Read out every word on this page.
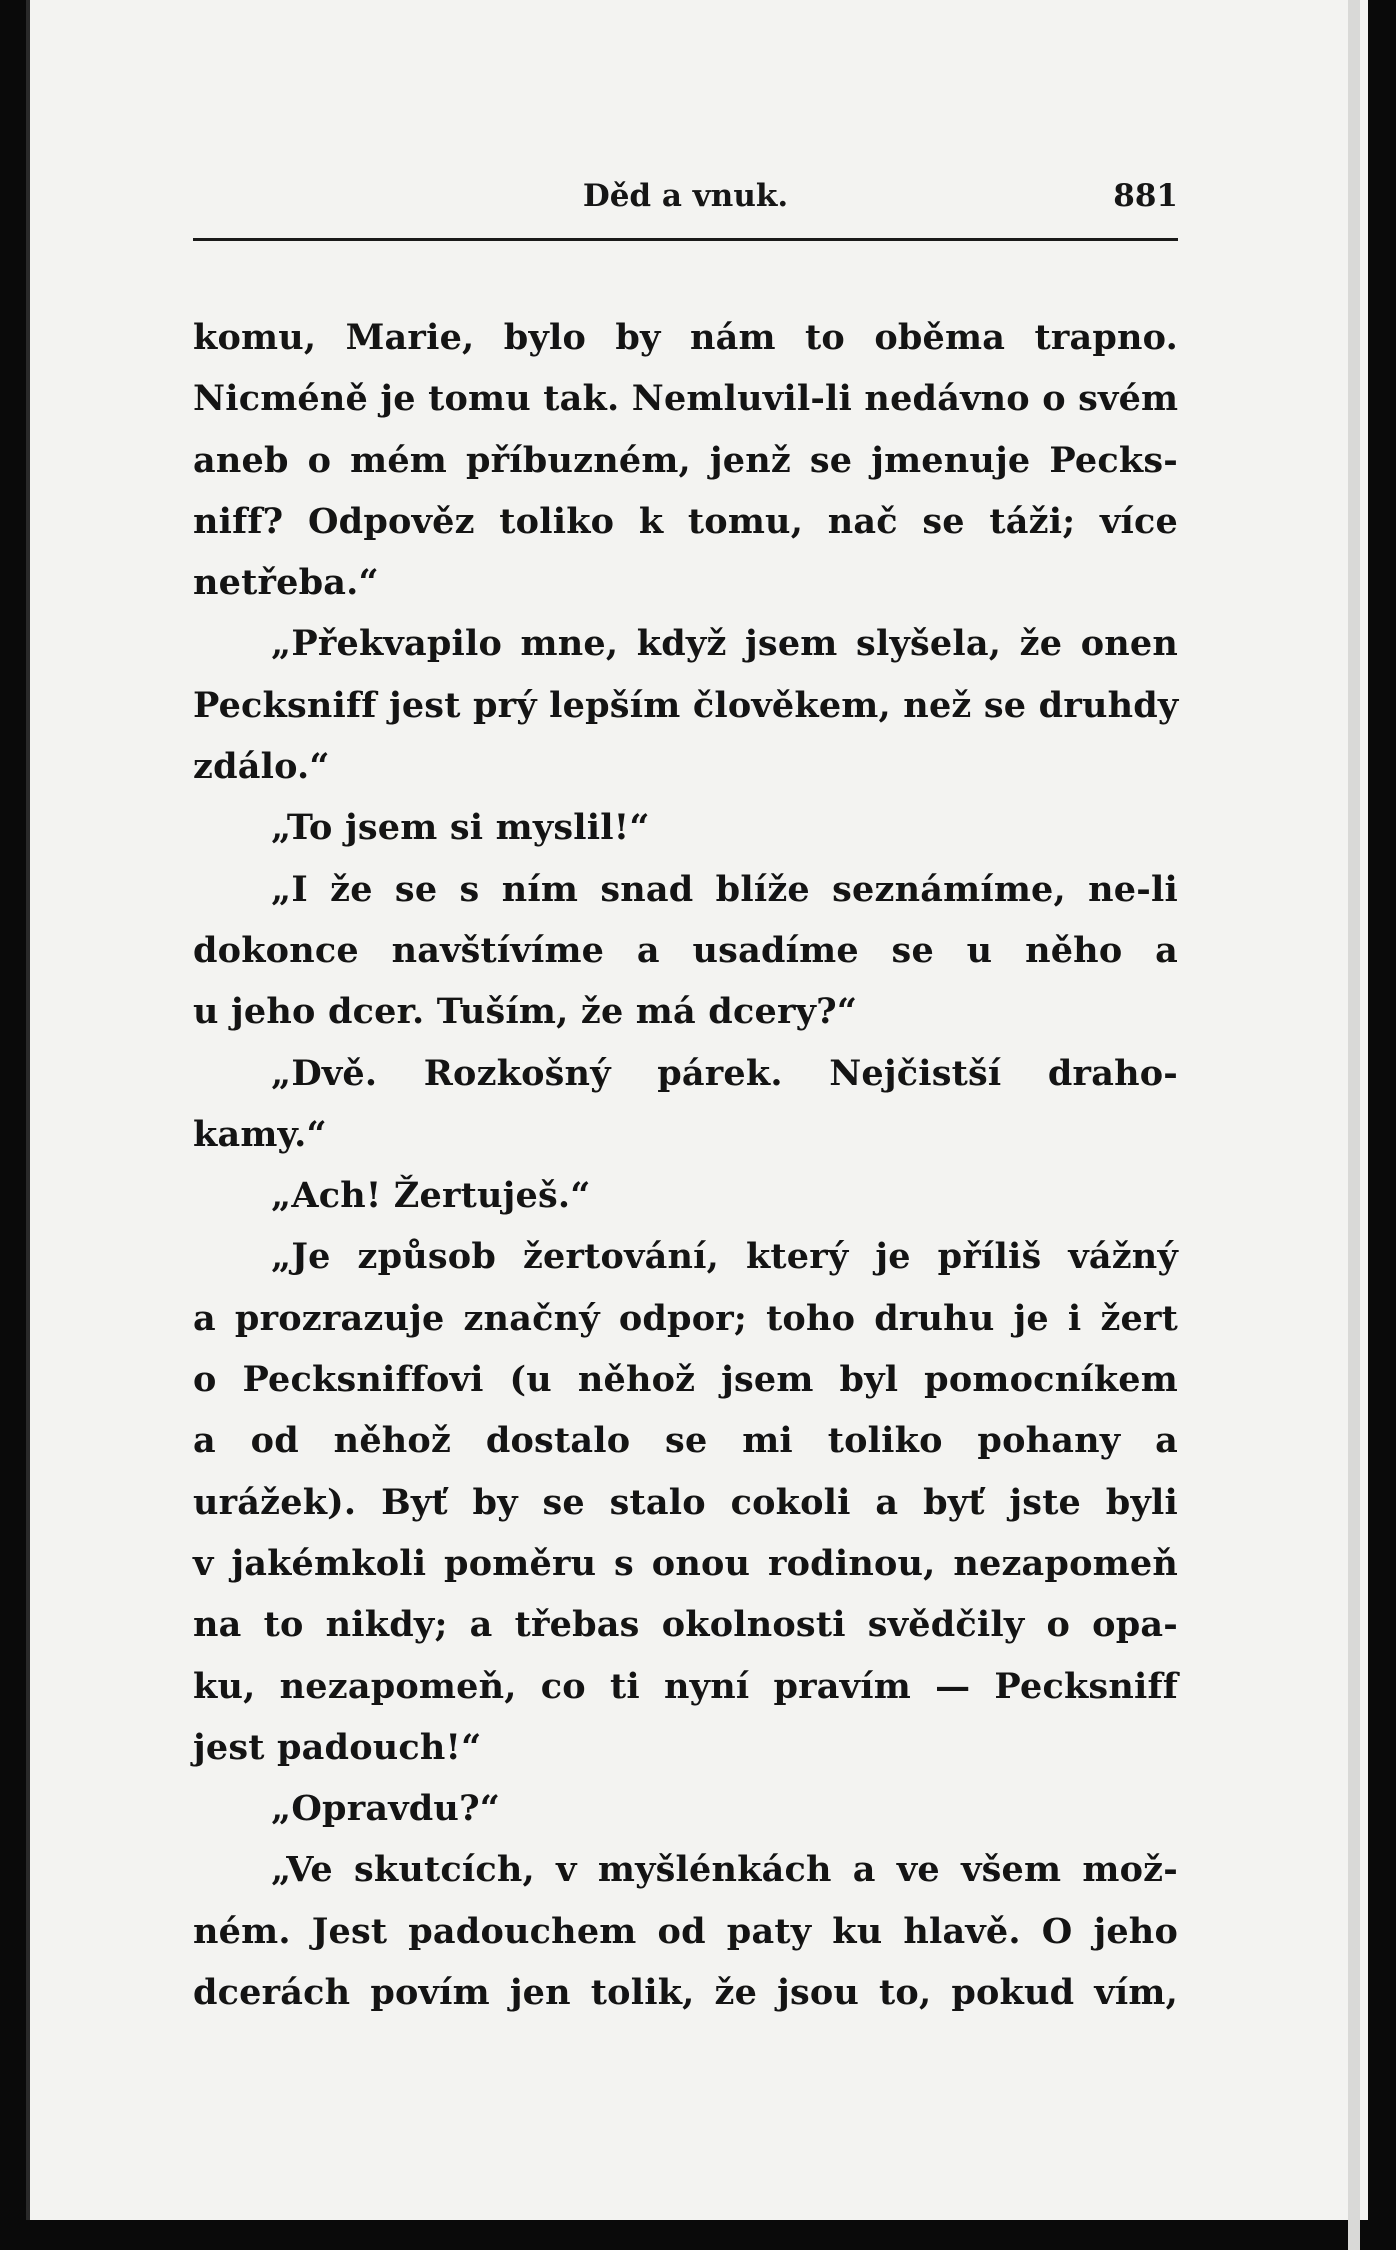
Děd a vnuk.	881
komu, Marie, bylo by nám to oběma trapno.
Nicméně je tomu tak. Nemluvil-li nedávno o svém
aneb o mém příbuzném, jenž se jmenuje Pecks-
niff? Odpověz toliko k tomu, nač se táži; více
netřeba.“
„Překvapilo mne, když jsem slyšela, že onen
Pecksniff jest prý lepším člověkem, než se druhdy
zdálo.“
„To jsem si myslil!“
„I že se s ním snad blíže seznámíme, ne-li
dokonce navštívíme a usadíme se u něho a
u jeho dcer. Tuším, že má dcery?“
„Dvě. Rozkošný párek. Nejčistší draho-
kamy.“
„Ach! Žertuješ.“
„Je způsob žertování, který je příliš vážný
a prozrazuje značný odpor; toho druhu je i žert
o Pecksniffovi (u něhož jsem byl pomocníkem
a od něhož dostalo se mi toliko pohany a
urážek). Byť by se stalo cokoli a byť jste byli
v jakémkoli poměru s onou rodinou, nezapomeň
na to nikdy; a třebas okolnosti svědčily o opa-
ku, nezapomeň, co ti nyní pravím — Pecksniff
jest padouch!“
„Opravdu?“
„Ve skutcích, v myšlénkách a ve všem mož-
ném. Jest padouchem od paty ku hlavě. O jeho
dcerách povím jen tolik, že jsou to, pokud vím,
